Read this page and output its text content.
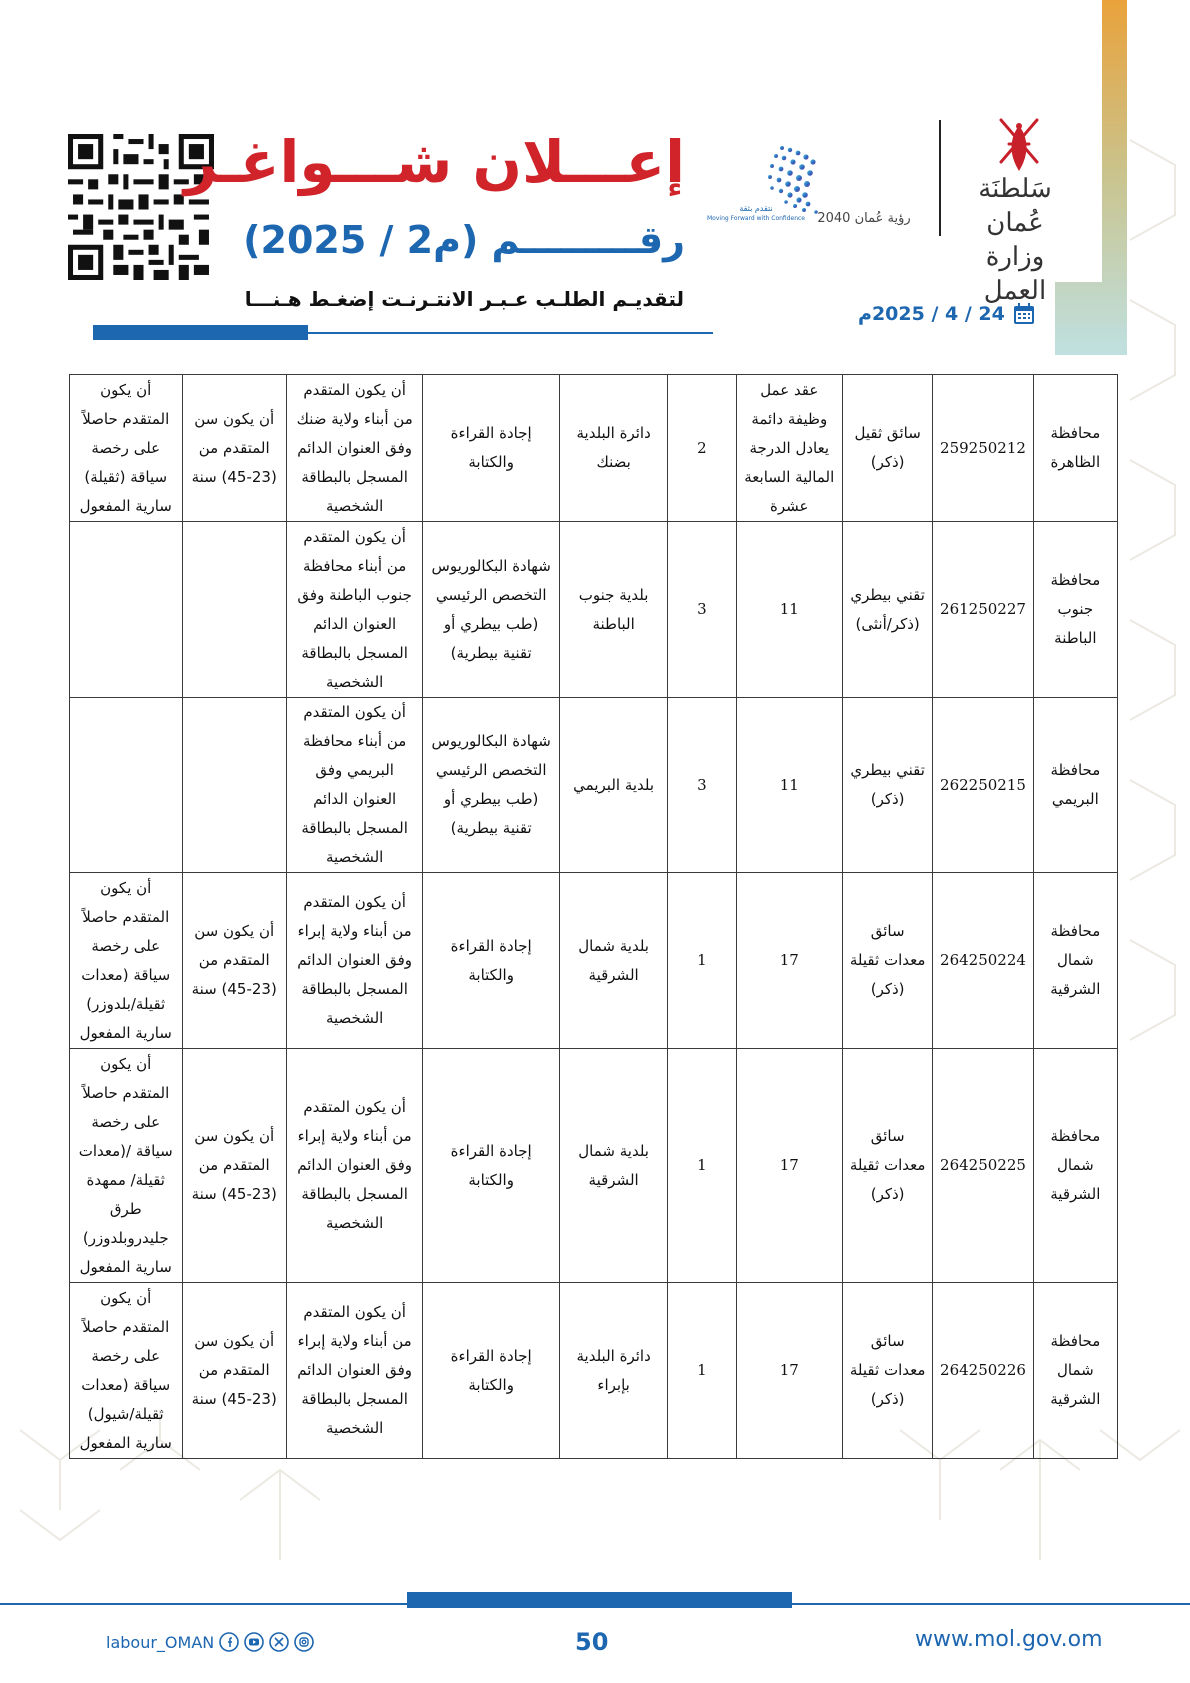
إعـــلان شـــواغـر
رقـــــــــم (م2 / 2025)
لتقديـم الطلـب عـبـر الانتـرنـت إضغـط هـنـــا
24 / 4 / 2025م
رؤية عُمان 2040
Moving Forward with Confidence
نتقدم بثقة
سَلطنَة عُمان
وزارة العمل
محافظة الظاهرة	259250212	سائق ثقيل (ذكر)	عقد عمل وظيفة دائمة يعادل الدرجة المالية السابعة عشرة	2	دائرة البلدية بضنك	إجادة القراءة والكتابة	أن يكون المتقدم من أبناء ولاية ضنك وفق العنوان الدائم المسجل بالبطاقة الشخصية	أن يكون سن المتقدم من (23-45) سنة	أن يكون المتقدم حاصلاً على رخصة سياقة (ثقيلة) سارية المفعول
محافظة جنوب الباطنة	261250227	تقني بيطري (ذكر/أنثى)	11	3	بلدية جنوب الباطنة	شهادة البكالوريوس التخصص الرئيسي (طب بيطري أو تقنية بيطرية)	أن يكون المتقدم من أبناء محافظة جنوب الباطنة وفق العنوان الدائم المسجل بالبطاقة الشخصية		
محافظة البريمي	262250215	تقني بيطري (ذكر)	11	3	بلدية البريمي	شهادة البكالوريوس التخصص الرئيسي (طب بيطري أو تقنية بيطرية)	أن يكون المتقدم من أبناء محافظة البريمي وفق العنوان الدائم المسجل بالبطاقة الشخصية		
محافظة شمال الشرقية	264250224	سائق معدات ثقيلة (ذكر)	17	1	بلدية شمال الشرقية	إجادة القراءة والكتابة	أن يكون المتقدم من أبناء ولاية إبراء وفق العنوان الدائم المسجل بالبطاقة الشخصية	أن يكون سن المتقدم من (23-45) سنة	أن يكون المتقدم حاصلاً على رخصة سياقة (معدات ثقيلة/بلدوزر) سارية المفعول
محافظة شمال الشرقية	264250225	سائق معدات ثقيلة (ذكر)	17	1	بلدية شمال الشرقية	إجادة القراءة والكتابة	أن يكون المتقدم من أبناء ولاية إبراء وفق العنوان الدائم المسجل بالبطاقة الشخصية	أن يكون سن المتقدم من (23-45) سنة	أن يكون المتقدم حاصلاً على رخصة سياقة /(معدات ثقيلة/ ممهدة طرق جليدروبلدوزر) سارية المفعول
محافظة شمال الشرقية	264250226	سائق معدات ثقيلة (ذكر)	17	1	دائرة البلدية بإبراء	إجادة القراءة والكتابة	أن يكون المتقدم من أبناء ولاية إبراء وفق العنوان الدائم المسجل بالبطاقة الشخصية	أن يكون سن المتقدم من (23-45) سنة	أن يكون المتقدم حاصلاً على رخصة سياقة (معدات ثقيلة/شيول) سارية المفعول
labour_OMAN	50	www.mol.gov.om
